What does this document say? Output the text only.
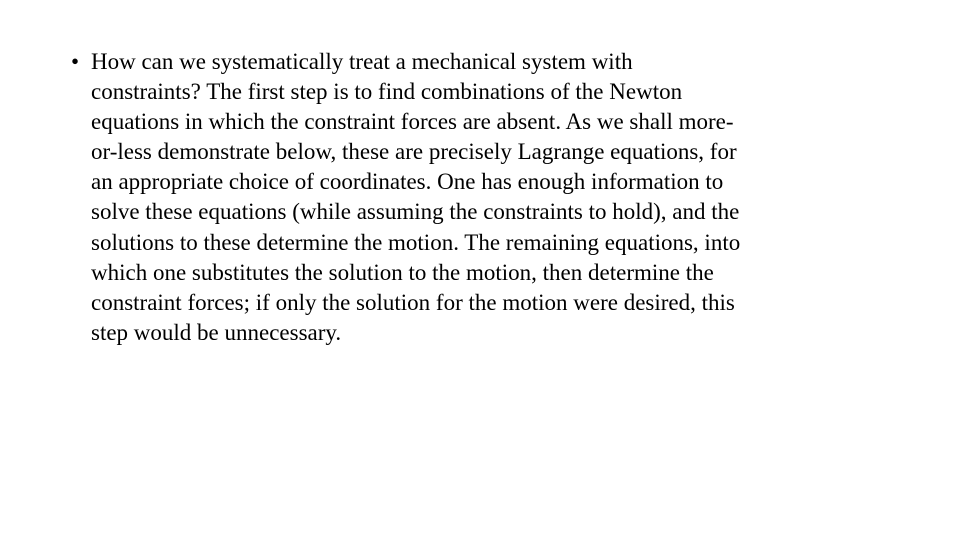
• How can we systematically treat a mechanical system with
constraints? The first step is to find combinations of the Newton
equations in which the constraint forces are absent. As we shall more-
or-less demonstrate below, these are precisely Lagrange equations, for
an appropriate choice of coordinates. One has enough information to
solve these equations (while assuming the constraints to hold), and the
solutions to these determine the motion. The remaining equations, into
which one substitutes the solution to the motion, then determine the
constraint forces; if only the solution for the motion were desired, this
step would be unnecessary.
